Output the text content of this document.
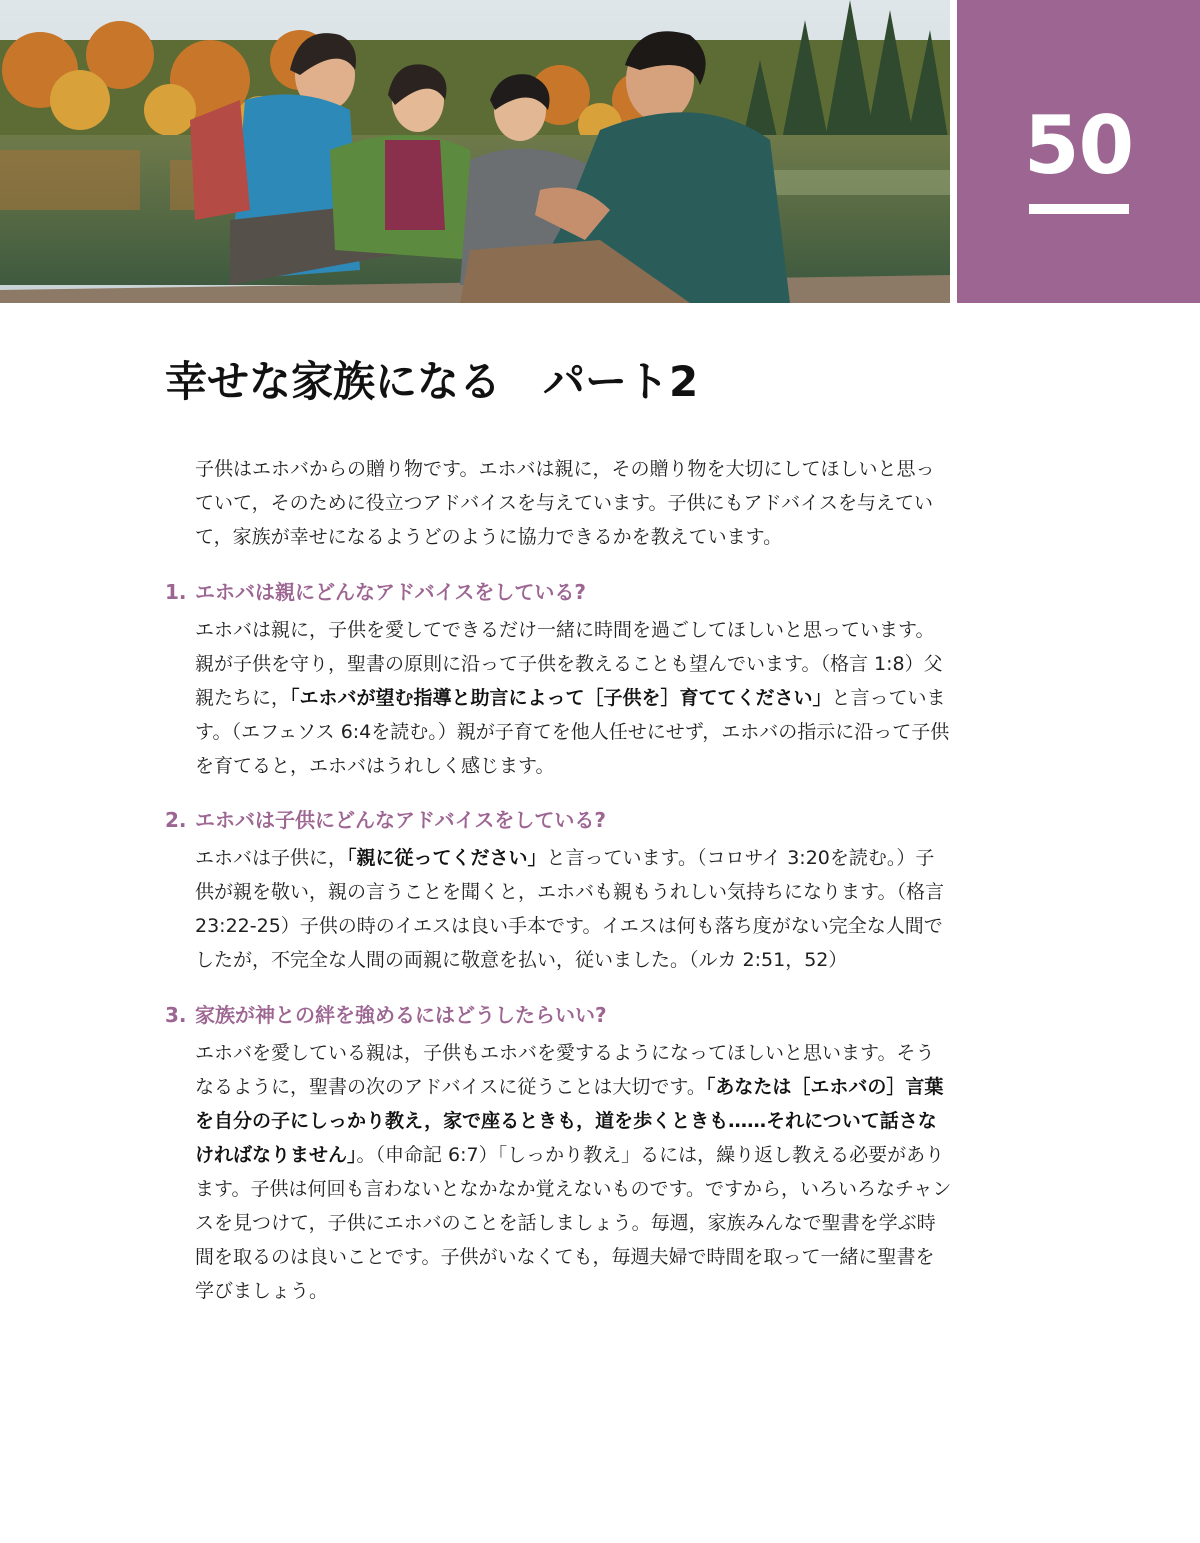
50
幸せな家族になる　パート2

子供はエホバからの贈り物です。エホバは親に，その贈り物を大切にしてほしいと思っていて，そのために役立つアドバイスを与えています。子供にもアドバイスを与えていて，家族が幸せになるようどのように協力できるかを教えています。

1. エホバは親にどんなアドバイスをしている?

エホバは親に，子供を愛してできるだけ一緒に時間を過ごしてほしいと思っています。親が子供を守り，聖書の原則に沿って子供を教えることも望んでいます。（格言 1:8）父親たちに，「エホバが望む指導と助言によって［子供を］育ててください」と言っています。（エフェソス 6:4を読む。）親が子育てを他人任せにせず，エホバの指示に沿って子供を育てると，エホバはうれしく感じます。

2. エホバは子供にどんなアドバイスをしている?

エホバは子供に，「親に従ってください」と言っています。（コロサイ 3:20を読む。）子供が親を敬い，親の言うことを聞くと，エホバも親もうれしい気持ちになります。（格言 23:22-25）子供の時のイエスは良い手本です。イエスは何も落ち度がない完全な人間でしたが，不完全な人間の両親に敬意を払い，従いました。（ルカ 2:51，52）

3. 家族が神との絆を強めるにはどうしたらいい?

エホバを愛している親は，子供もエホバを愛するようになってほしいと思います。そうなるように，聖書の次のアドバイスに従うことは大切です。「あなたは［エホバの］言葉を自分の子にしっかり教え，家で座るときも，道を歩くときも……それについて話さなければなりません」。（申命記 6:7）「しっかり教え」るには，繰り返し教える必要があります。子供は何回も言わないとなかなか覚えないものです。ですから，いろいろなチャンスを見つけて，子供にエホバのことを話しましょう。毎週，家族みんなで聖書を学ぶ時間を取るのは良いことです。子供がいなくても，毎週夫婦で時間を取って一緒に聖書を学びましょう。
